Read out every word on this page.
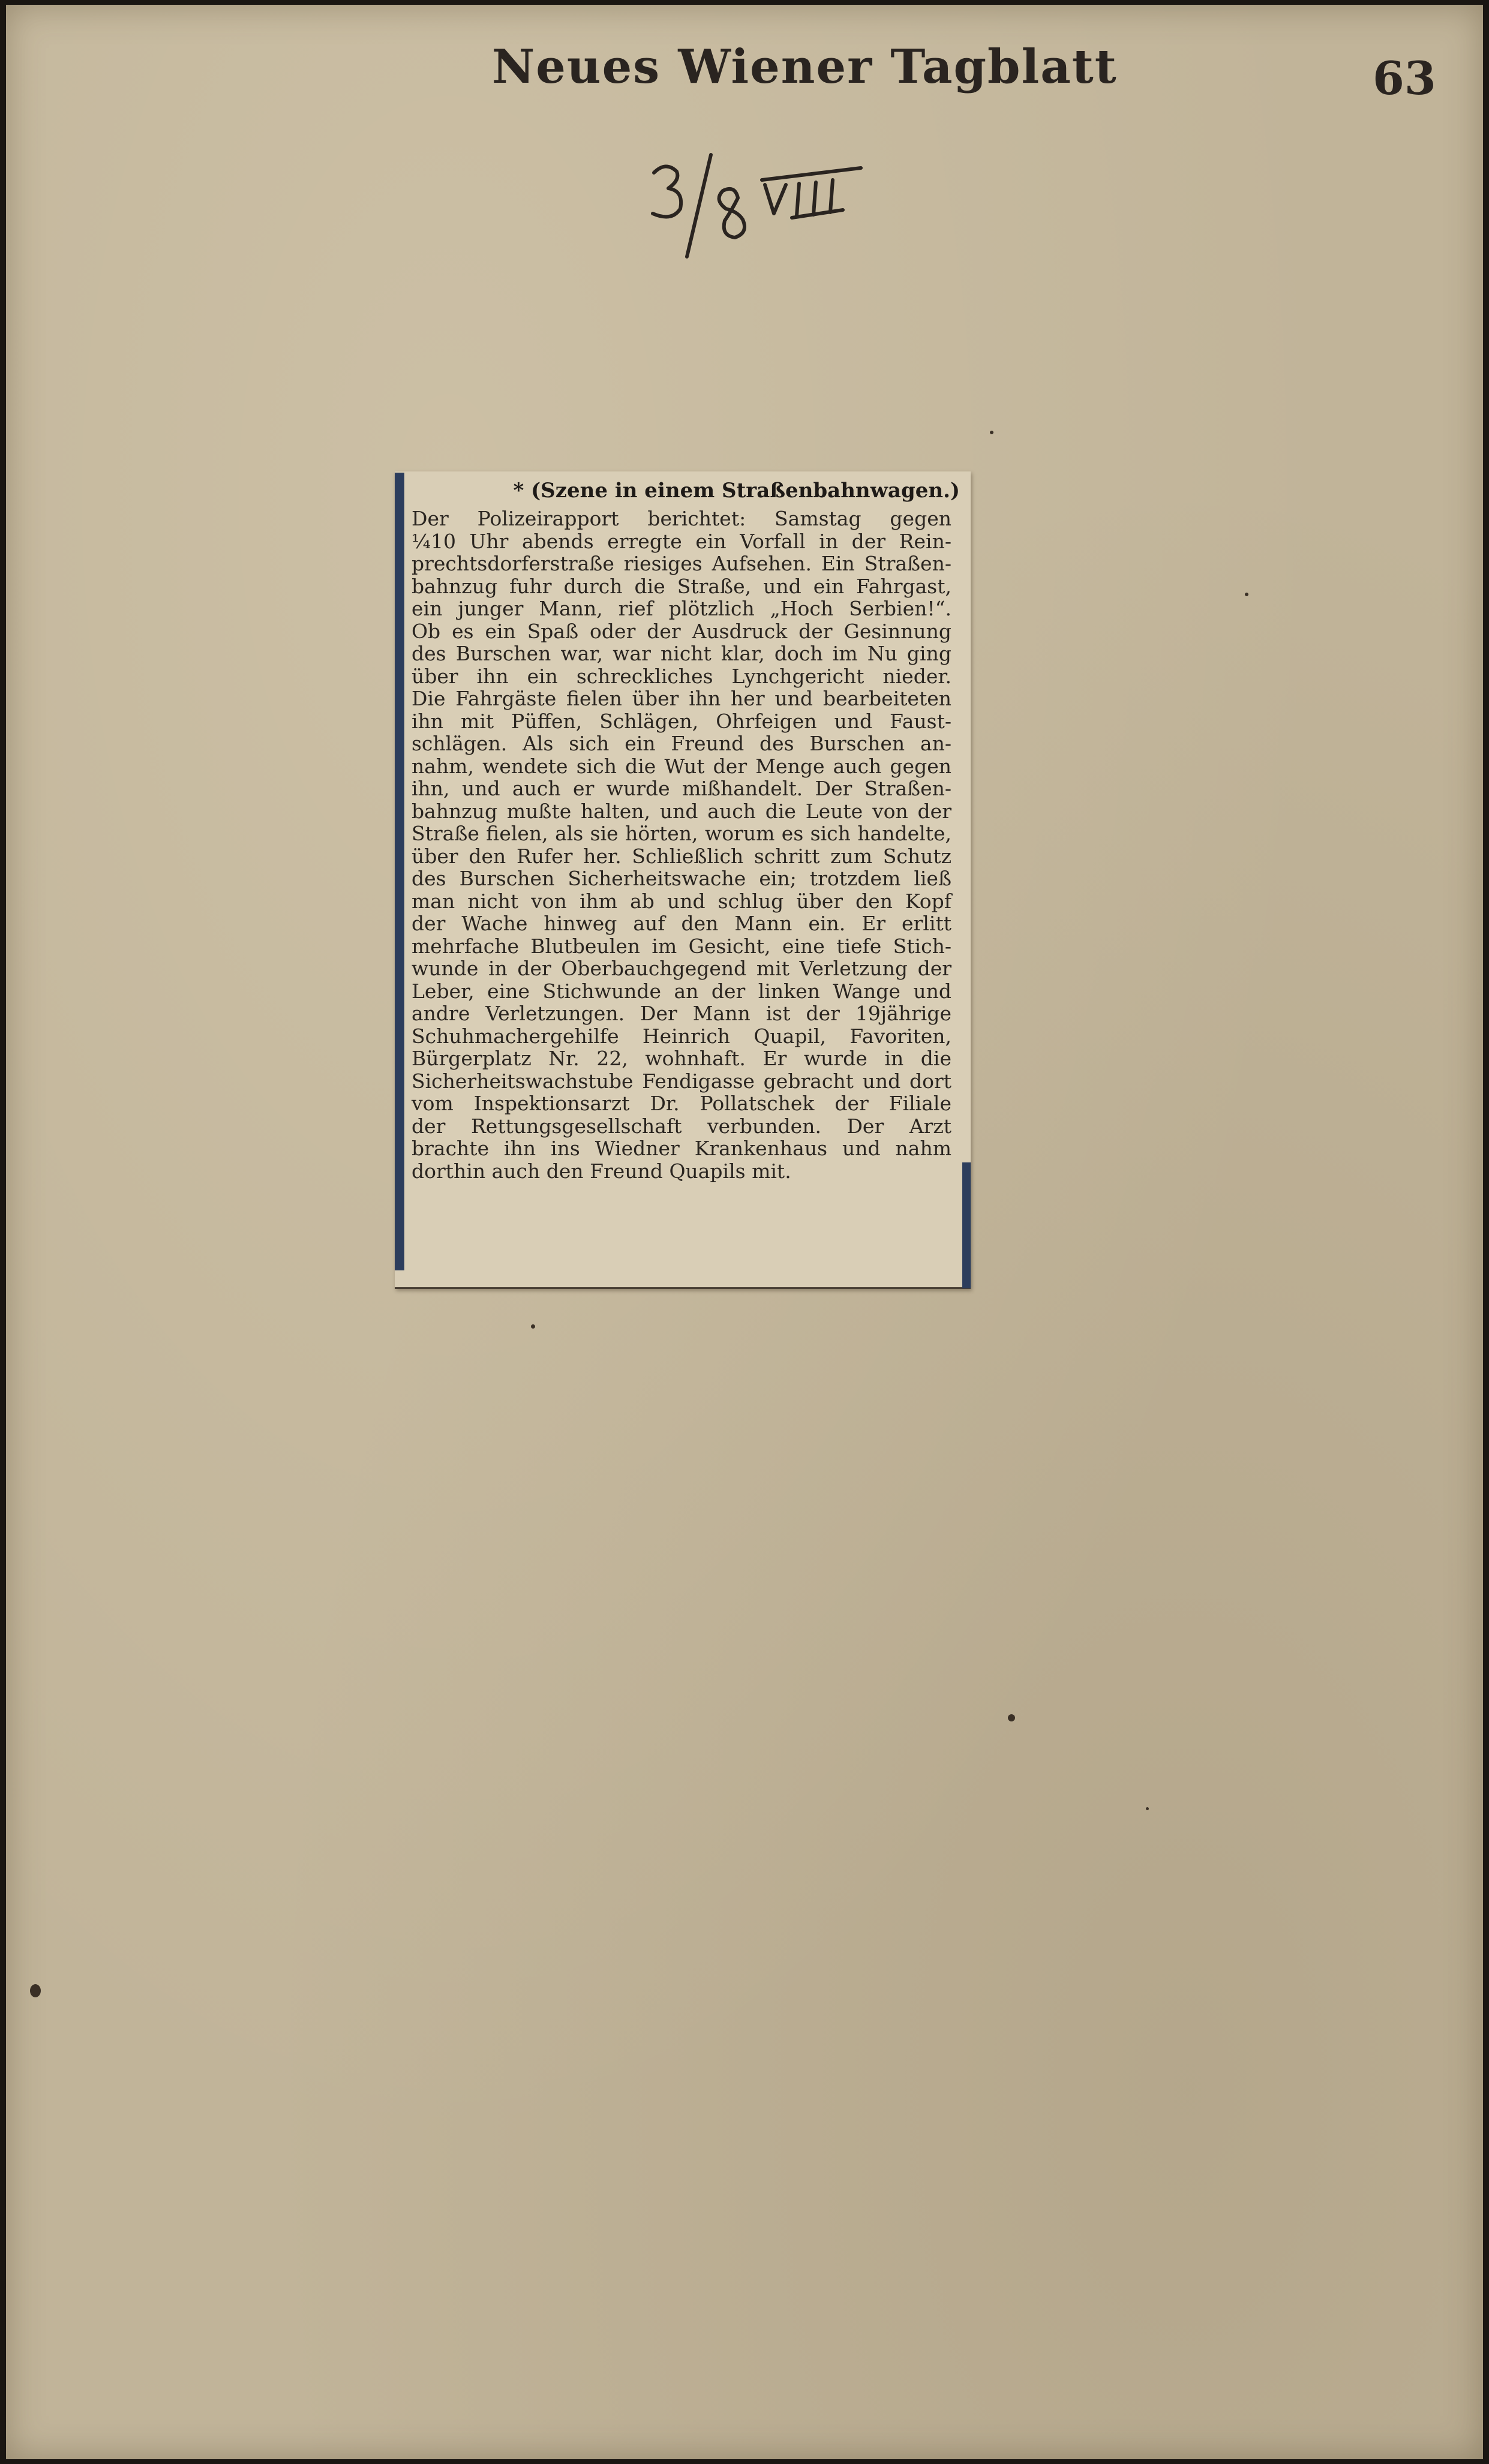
Neues Wiener Tagblatt	63
* (Szene in einem Straßenbahnwagen.)
Der Polizeirapport berichtet: Samstag gegen
¼10 Uhr abends erregte ein Vorfall in der Rein-
prechtsdorferstraße riesiges Aufsehen. Ein Straßen-
bahnzug fuhr durch die Straße, und ein Fahrgast,
ein junger Mann, rief plötzlich „Hoch Serbien!“.
Ob es ein Spaß oder der Ausdruck der Gesinnung
des Burschen war, war nicht klar, doch im Nu ging
über ihn ein schreckliches Lynchgericht nieder.
Die Fahrgäste fielen über ihn her und bearbeiteten
ihn mit Püffen, Schlägen, Ohrfeigen und Faust-
schlägen. Als sich ein Freund des Burschen an-
nahm, wendete sich die Wut der Menge auch gegen
ihn, und auch er wurde mißhandelt. Der Straßen-
bahnzug mußte halten, und auch die Leute von der
Straße fielen, als sie hörten, worum es sich handelte,
über den Rufer her. Schließlich schritt zum Schutz
des Burschen Sicherheitswache ein; trotzdem ließ
man nicht von ihm ab und schlug über den Kopf
der Wache hinweg auf den Mann ein. Er erlitt
mehrfache Blutbeulen im Gesicht, eine tiefe Stich-
wunde in der Oberbauchgegend mit Verletzung der
Leber, eine Stichwunde an der linken Wange und
andre Verletzungen. Der Mann ist der 19jährige
Schuhmachergehilfe Heinrich Quapil, Favoriten,
Bürgerplatz Nr. 22, wohnhaft. Er wurde in die
Sicherheitswachstube Fendigasse gebracht und dort
vom Inspektionsarzt Dr. Pollatschek der Filiale
der Rettungsgesellschaft verbunden. Der Arzt
brachte ihn ins Wiedner Krankenhaus und nahm
dorthin auch den Freund Quapils mit.
